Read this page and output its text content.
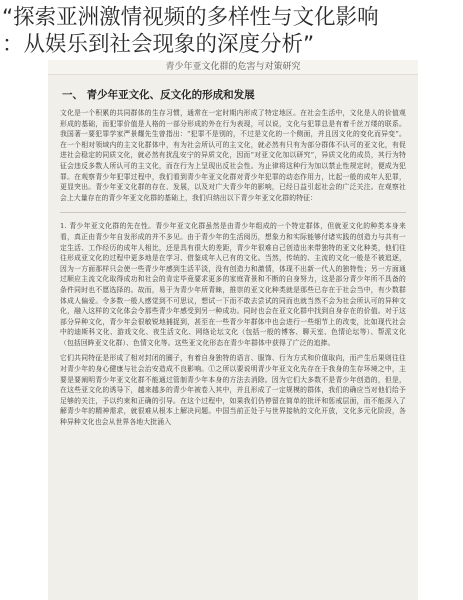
“探索亚洲激情视频的多样性与文化影响
：从娱乐到社会现象的深度分析”
青少年亚文化群的危害与对策研究
一、 青少年亚文化、反文化的形成和发展
文化是一个积累的共同群体的生存习惯，通常在一定时期内形成了特定地区。在社会生活中，文化是人的价值观形成的基础，而犯罪价值是人格的一部分形成的外在行为表现，可以说，文化与犯罪总是有着千丝万缕的联系。我国著一要犯罪学家严景耀先生曾指出：“犯罪不是别的，不过是文化的一个侧面，并且因文化的变化而异变”。在一个相对领域内的主文化群体中，有为社会所认可的主文化，就必然有只有为部分群体不认可的亚文化，有促进社会稳定的同质文化，就必然有扰乱安宁的异质文化，因而“对亚文化加以研究”，异质文化的成员，其行为特征会违反多数人所认可的主文化，而在行为上呈现出反社会性。为止律将这种行为加以禁止性规定时，便成为犯罪。在观察青少年犯罪过程中，我们看到青少年亚文化群对青少年犯罪的动态作用力，比起一般的成年人犯罪，更显突出。青少年亚文化群的存在、发展，以及对广大青少年的影响，已经日益引起社会的广泛关注。在观察社会上大量存在的青少年亚文化群的基础上，我们归纳出以下青少年亚文化群的特征：
1. 青少年亚文化群的先在性。青少年亚文化群虽然是由青少年组成的一个特定群体，但就亚文化的种类本身来看，真正由青少年自发形成的并不多见。由于青少年的生活阅历，想象力和实际能够付诸实践的创造力与共有一定生活、工作经历的成年人相比，还是具有很大的差距，青少年很难自己创造出来带独特的亚文化种类，他们往往形成亚文化的过程中更多地是在学习、借鉴成年人已有的文化。当然，传统的、主流的文化一般是不被追逐，因为一方面那样只会使一些青少年感到生活平淡，没有创造力和激情，体现不出新一代人的独特性；另一方面通过顺应主流文化取得成功和社会的肯定毕竟要求更多的家庭背景和不断的自身努力，这是部分青少年所不具备的条件同时也不愿选择的。故而，易于为青少年所青睐，推崇的亚文化种类就是那些已存在于社会当中，有少数群体成人偏爱。令多数一般人感觉到不可思议，想试一下而不敢去尝试的同而也就当然不会为社会所认可的异种文化，融入这样的文化体会令那些青少年感受到另一种成功。同时也会在亚文化群中找到自身存在的价值。对于这部分异种文化，青少年会很敏锐地捕捉到，甚至在一些青少年群体中也会进行一些细节上的改变，比如现代社会中的迪斯科文化、游戏文化、夜生活文化、网络论坛文化（包括一般的博客、聊天室、色情论坛等）、帮派文化（包括回眸亚文化群）、色情文化等。这些亚文化形态在青少年群体中获得了广泛的追捧。
它们共同特征是形成了相对封闭的圈子，有着自身独特的语言、服饰、行为方式和价值取向，而产生后果则往往对青少年的身心健康与社会治安造成不良影响。①之所以要说明青少年亚文化先存在于我身的生存环境之中，主要是要阐明青少年亚文化群不能通过管制青少年本身的方法去消除。因为它们大多数不是青少年创造的，但是，在这些亚文化的诱导下，越来越多的青少年被卷入其中，并且形成了一定规模的群体，我们的确应当对他们给予足够的关注，予以约束和正确的引导。在这个过程中，如果我们仍停留在简单的批评和惩戒层面，而不能深入了解青少年的精神需求，就很难从根本上解决问题。中国当前正处于与世界接轨的文化开放，文化多元化阶段，各种异种文化也会从世界各地大批涌入
